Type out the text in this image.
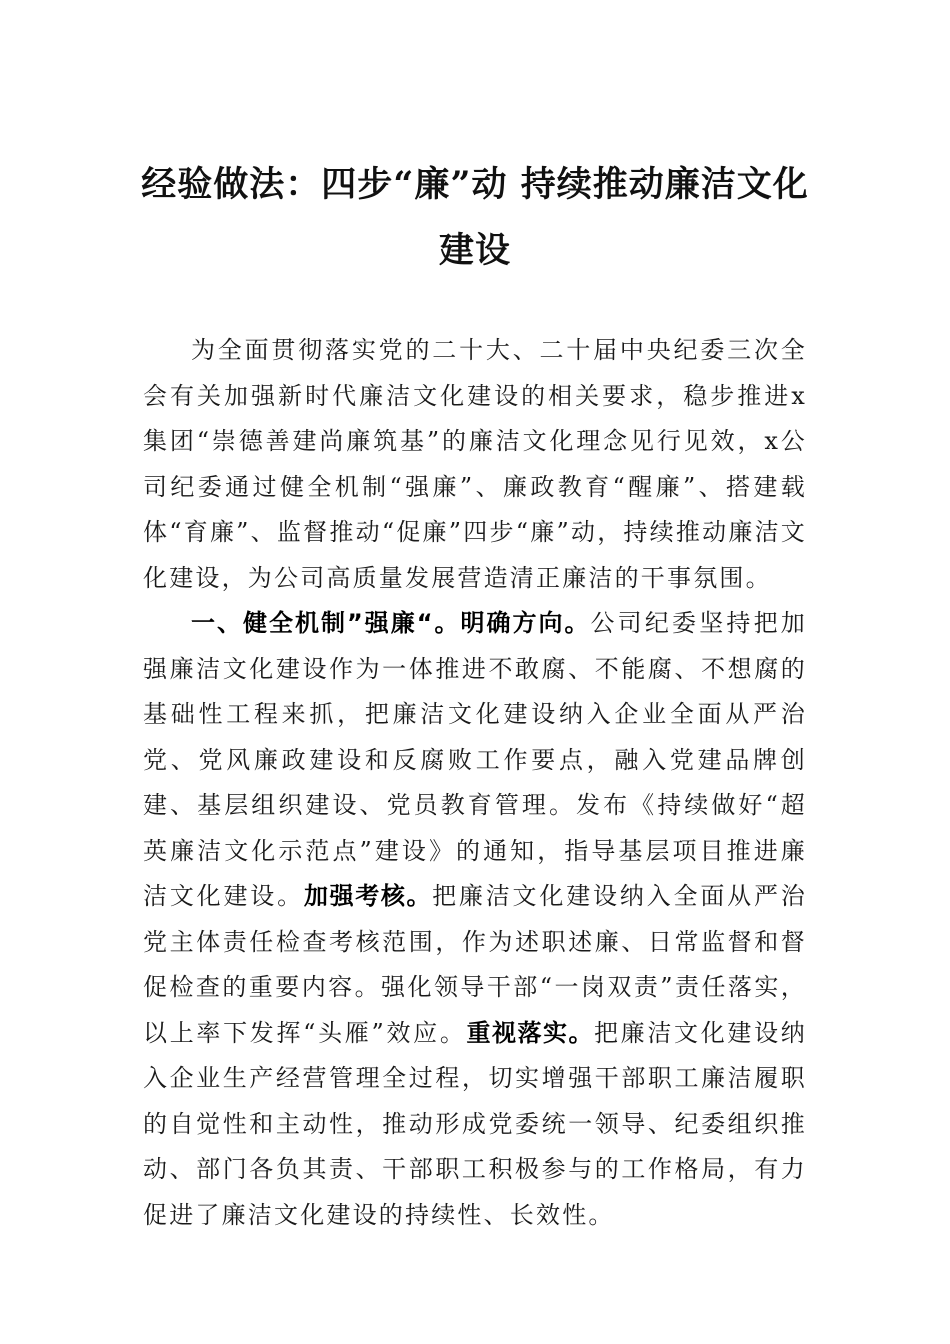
经验做法：四步“廉”动 持续推动廉洁文化建设

为全面贯彻落实党的二十大、二十届中央纪委三次全会有关加强新时代廉洁文化建设的相关要求，稳步推进x集团“崇德善建尚廉筑基”的廉洁文化理念见行见效，x公司纪委通过健全机制“强廉”、廉政教育“醒廉”、搭建载体“育廉”、监督推动“促廉”四步“廉”动，持续推动廉洁文化建设，为公司高质量发展营造清正廉洁的干事氛围。

一、健全机制”强廉“。明确方向。公司纪委坚持把加强廉洁文化建设作为一体推进不敢腐、不能腐、不想腐的基础性工程来抓，把廉洁文化建设纳入企业全面从严治党、党风廉政建设和反腐败工作要点，融入党建品牌创建、基层组织建设、党员教育管理。发布《持续做好“超英廉洁文化示范点”建设》的通知，指导基层项目推进廉洁文化建设。加强考核。把廉洁文化建设纳入全面从严治党主体责任检查考核范围，作为述职述廉、日常监督和督促检查的重要内容。强化领导干部“一岗双责”责任落实，以上率下发挥“头雁”效应。重视落实。把廉洁文化建设纳入企业生产经营管理全过程，切实增强干部职工廉洁履职的自觉性和主动性，推动形成党委统一领导、纪委组织推动、部门各负其责、干部职工积极参与的工作格局，有力促进了廉洁文化建设的持续性、长效性。
